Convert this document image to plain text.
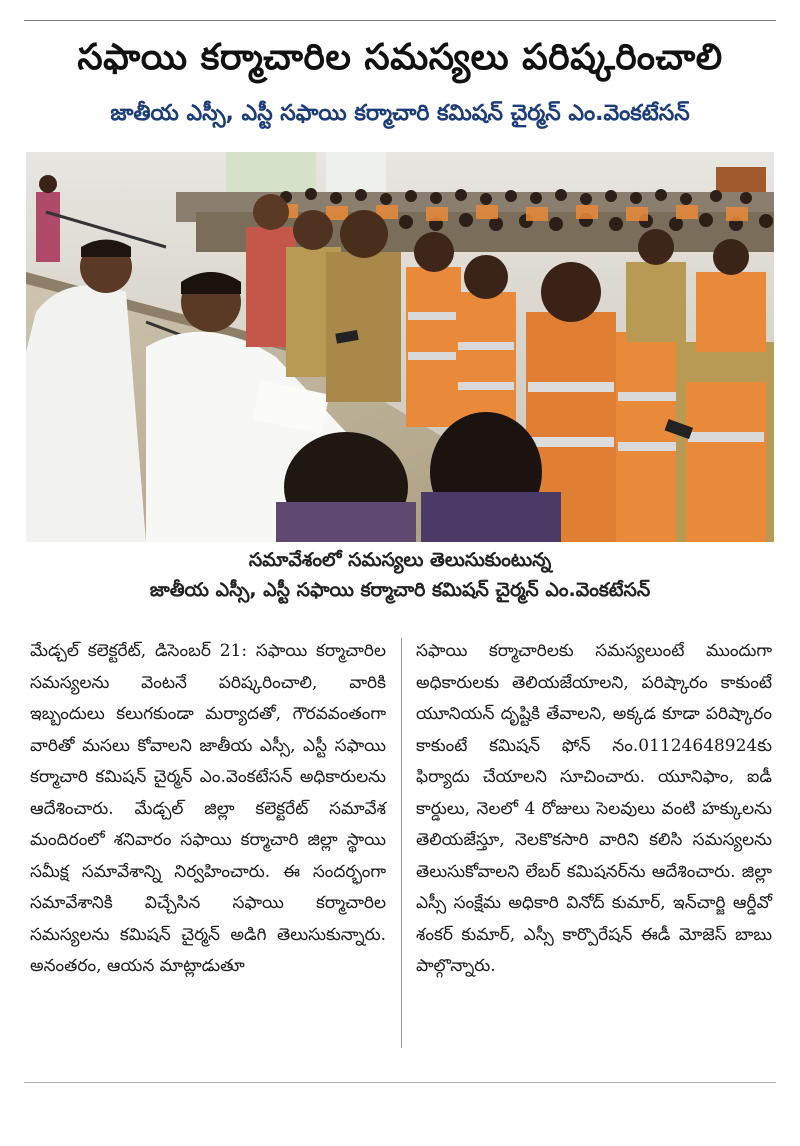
సఫాయి కర్మాచారిల సమస్యలు పరిష్కరించాలి
జాతీయ ఎస్సీ, ఎస్టీ సఫాయి కర్మాచారి కమిషన్ చైర్మన్ ఎం.వెంకటేసన్
సమావేశంలో సమస్యలు తెలుసుకుంటున్న
జాతీయ ఎస్సీ, ఎస్టీ సఫాయి కర్మాచారి కమిషన్ చైర్మన్ ఎం.వెంకటేసన్

మేడ్చల్ కలెక్టరేట్, డిసెంబర్ 21: సఫాయి కర్మాచారిల సమస్యలను వెంటనే పరిష్కరించాలి, వారికి ఇబ్బందులు కలుగకుండా మర్యాదతో, గౌరవవంతంగా వారితో మసలు కోవాలని జాతీయ ఎస్సీ, ఎస్టీ సఫాయి కర్మాచారి కమిషన్ చైర్మన్ ఎం.వెంకటేసన్ అధికారులను ఆదేశించారు. మేడ్చల్ జిల్లా కలెక్టరేట్ సమావేశ మందిరంలో శనివారం సఫాయి కర్మాచారి జిల్లా స్థాయి సమీక్ష సమావేశాన్ని నిర్వహించారు. ఈ సందర్భంగా సమావేశానికి విచ్చేసిన సఫాయి కర్మాచారిల సమస్యలను కమిషన్ చైర్మన్ అడిగి తెలుసుకున్నారు. అనంతరం, ఆయన మాట్లాడుతూ

సఫాయి కర్మాచారిలకు సమస్యలుంటే ముందుగా అధికారులకు తెలియజేయాలని, పరిష్కారం కాకుంటే యూనియన్ దృష్టికి తేవాలని, అక్కడ కూడా పరిష్కారం కాకుంటే కమిషన్ ఫోన్ నం.01124648924కు ఫిర్యాదు చేయాలని సూచించారు. యూనిఫాం, ఐడీ కార్డులు, నెలలో 4 రోజులు సెలవులు వంటి హక్కులను తెలియజేస్తూ, నెలకొకసారి వారిని కలిసి సమస్యలను తెలుసుకోవాలని లేబర్ కమిషనర్‌ను ఆదేశించారు. జిల్లా ఎస్సీ సంక్షేమ అధికారి వినోద్ కుమార్, ఇన్‌చార్జి ఆర్డీవో శంకర్ కుమార్, ఎస్సీ కార్పొరేషన్ ఈడీ మోజెస్ బాబు పాల్గొన్నారు.
